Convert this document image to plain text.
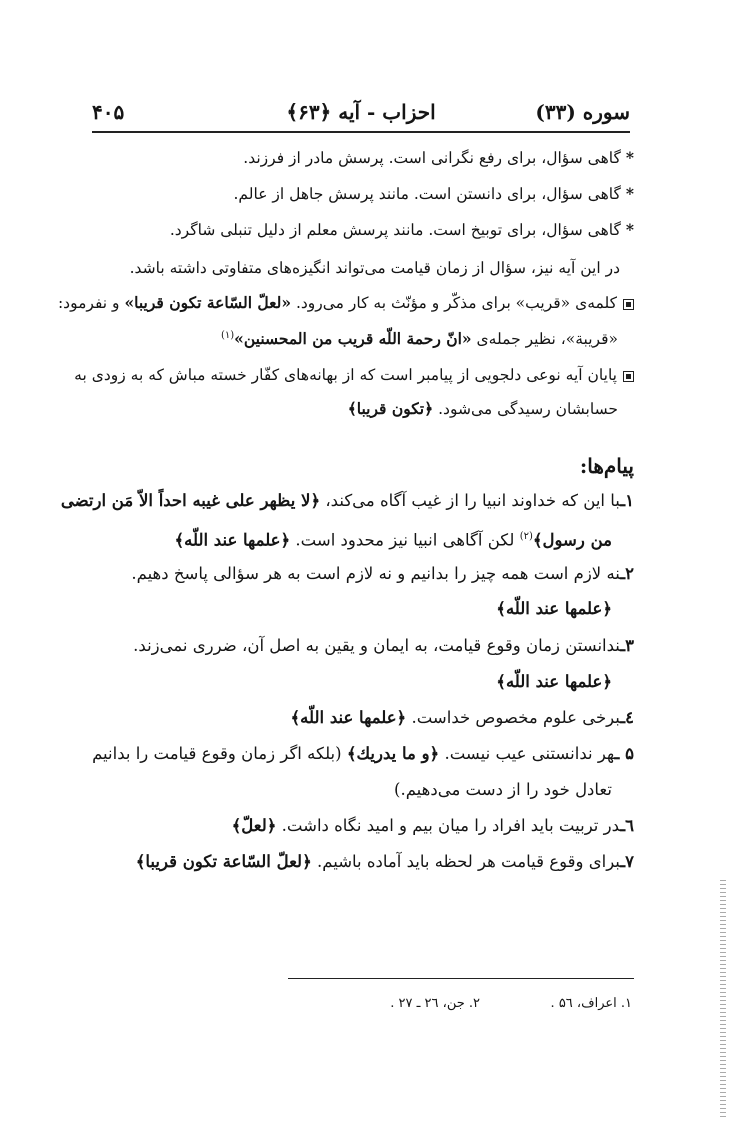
سوره (۳۳)
احزاب - آیه ﴿۶۳﴾
۴۰۵
*گاهی سؤال، برای رفع نگرانی است. پرسش مادر از فرزند.
*گاهی سؤال، برای دانستن است. مانند پرسش جاهل از عالم.
*گاهی سؤال، برای توبیخ است. مانند پرسش معلم از دلیل تنبلی شاگرد.
در این آیه نیز، سؤال از زمان قیامت می‌تواند انگیزه‌های متفاوتی داشته باشد.
کلمه‌ی «قریب» برای مذکّر و مؤنّث به کار می‌رود. «لعلّ السّاعة تکون قریبا» و نفرمود:
«قریبة»، نظیر جمله‌ی «انّ رحمة اللّه قریب من المحسنین»$^{(۱)}$
پایان آیه نوعی دلجویی از پیامبر است که از بهانه‌های کفّار خسته مباش که به زودی به
حسابشان رسیدگی می‌شود. ﴿تکون قریبا﴾
پیام‌ها:
۱ـبا این که خداوند انبیا را از غیب آگاه می‌کند، ﴿لا یظهر علی غیبه احداً الاّ مَن ارتضی
من رسول﴾$^{(۲)}$ لکن آگاهی انبیا نیز محدود است. ﴿علمها عند اللّه﴾
۲ـنه لازم است همه چیز را بدانیم و نه لازم است به هر سؤالی پاسخ دهیم.
﴿علمها عند اللّه﴾
۳ـندانستن زمان وقوع قیامت، به ایمان و یقین به اصل آن، ضرری نمی‌زند.
﴿علمها عند اللّه﴾
٤ـبرخی علوم مخصوص خداست. ﴿علمها عند اللّه﴾
۵ ـهر ندانستنی عیب نیست. ﴿و ما یدریك﴾ (بلکه اگر زمان وقوع قیامت را بدانیم
تعادل خود را از دست می‌دهیم.)
٦ـدر تربیت باید افراد را میان بیم و امید نگاه داشت. ﴿لعلّ﴾
۷ـبرای وقوع قیامت هر لحظه باید آماده باشیم. ﴿لعلّ السّاعة تکون قریبا﴾
۱. اعراف، ۵٦ .
۲. جن، ۲٦ ـ ۲۷ .
